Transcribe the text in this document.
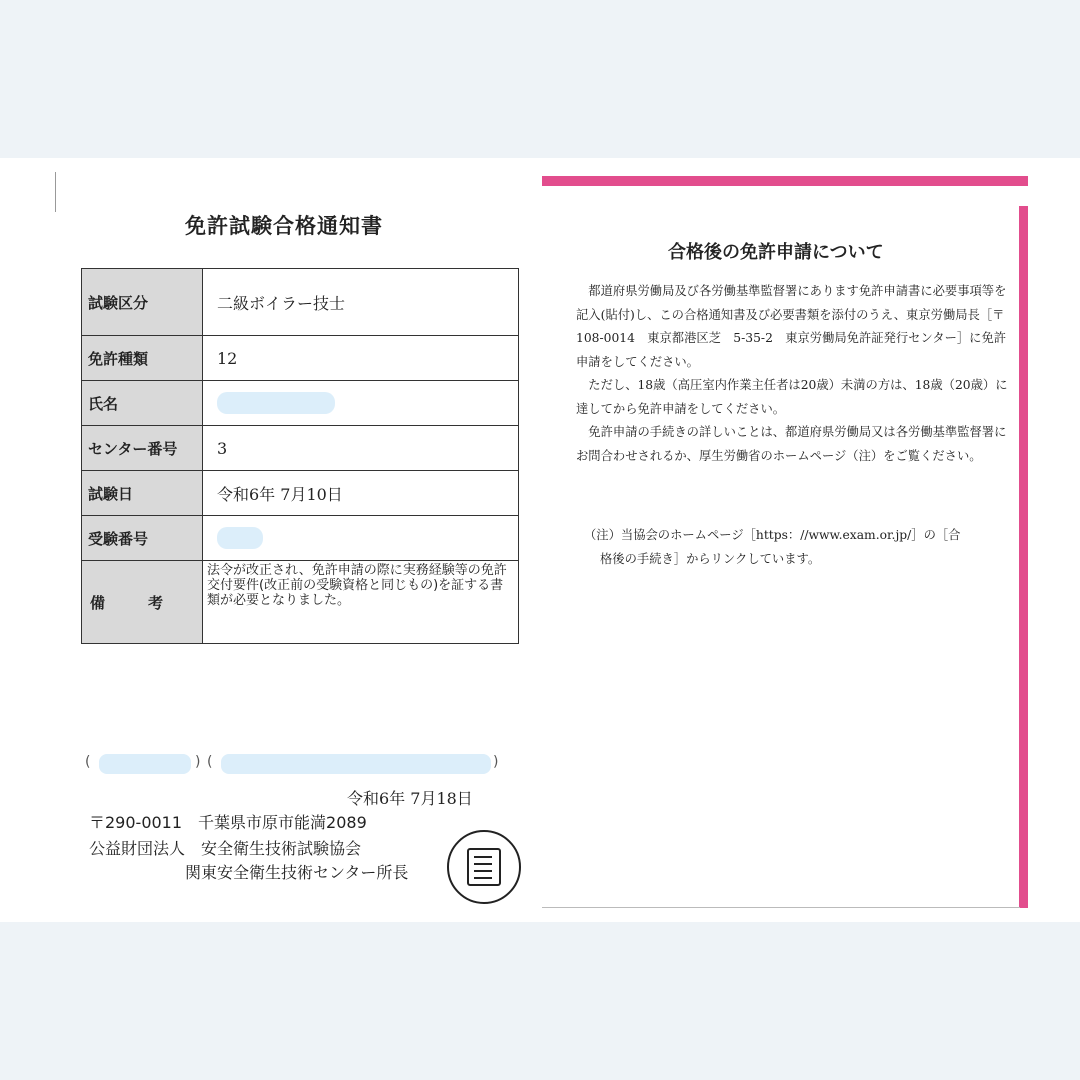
免許試験合格通知書
試験区分	二級ボイラー技士
免許種類	12
氏名	
センター番号	3
試験日	令和6年 7月10日
受験番号	
備　考	法令が改正され、免許申請の際に実務経験等の免許交付要件(改正前の受験資格と同じもの)を証する書類が必要となりました。
(	) (	)
令和6年 7月18日
〒290-0011　千葉県市原市能満2089
公益財団法人　安全衛生技術試験協会
関東安全衛生技術センター所長
合格後の免許申請について

都道府県労働局及び各労働基準監督署にあります免許申請書に必要事項等を記入(貼付)し、この合格通知書及び必要書類を添付のうえ、東京労働局長［〒　108-0014　東京都港区芝　5-35-2　東京労働局免許証発行センター］に免許申請をしてください。

ただし、18歳（高圧室内作業主任者は20歳）未満の方は、18歳（20歳）に達してから免許申請をしてください。

免許申請の手続きの詳しいことは、都道府県労働局又は各労働基準監督署にお問合わせされるか、厚生労働省のホームページ（注）をご覧ください。

（注）当協会のホームページ［https：//www.exam.or.jp/］の［合

格後の手続き］からリンクしています。
